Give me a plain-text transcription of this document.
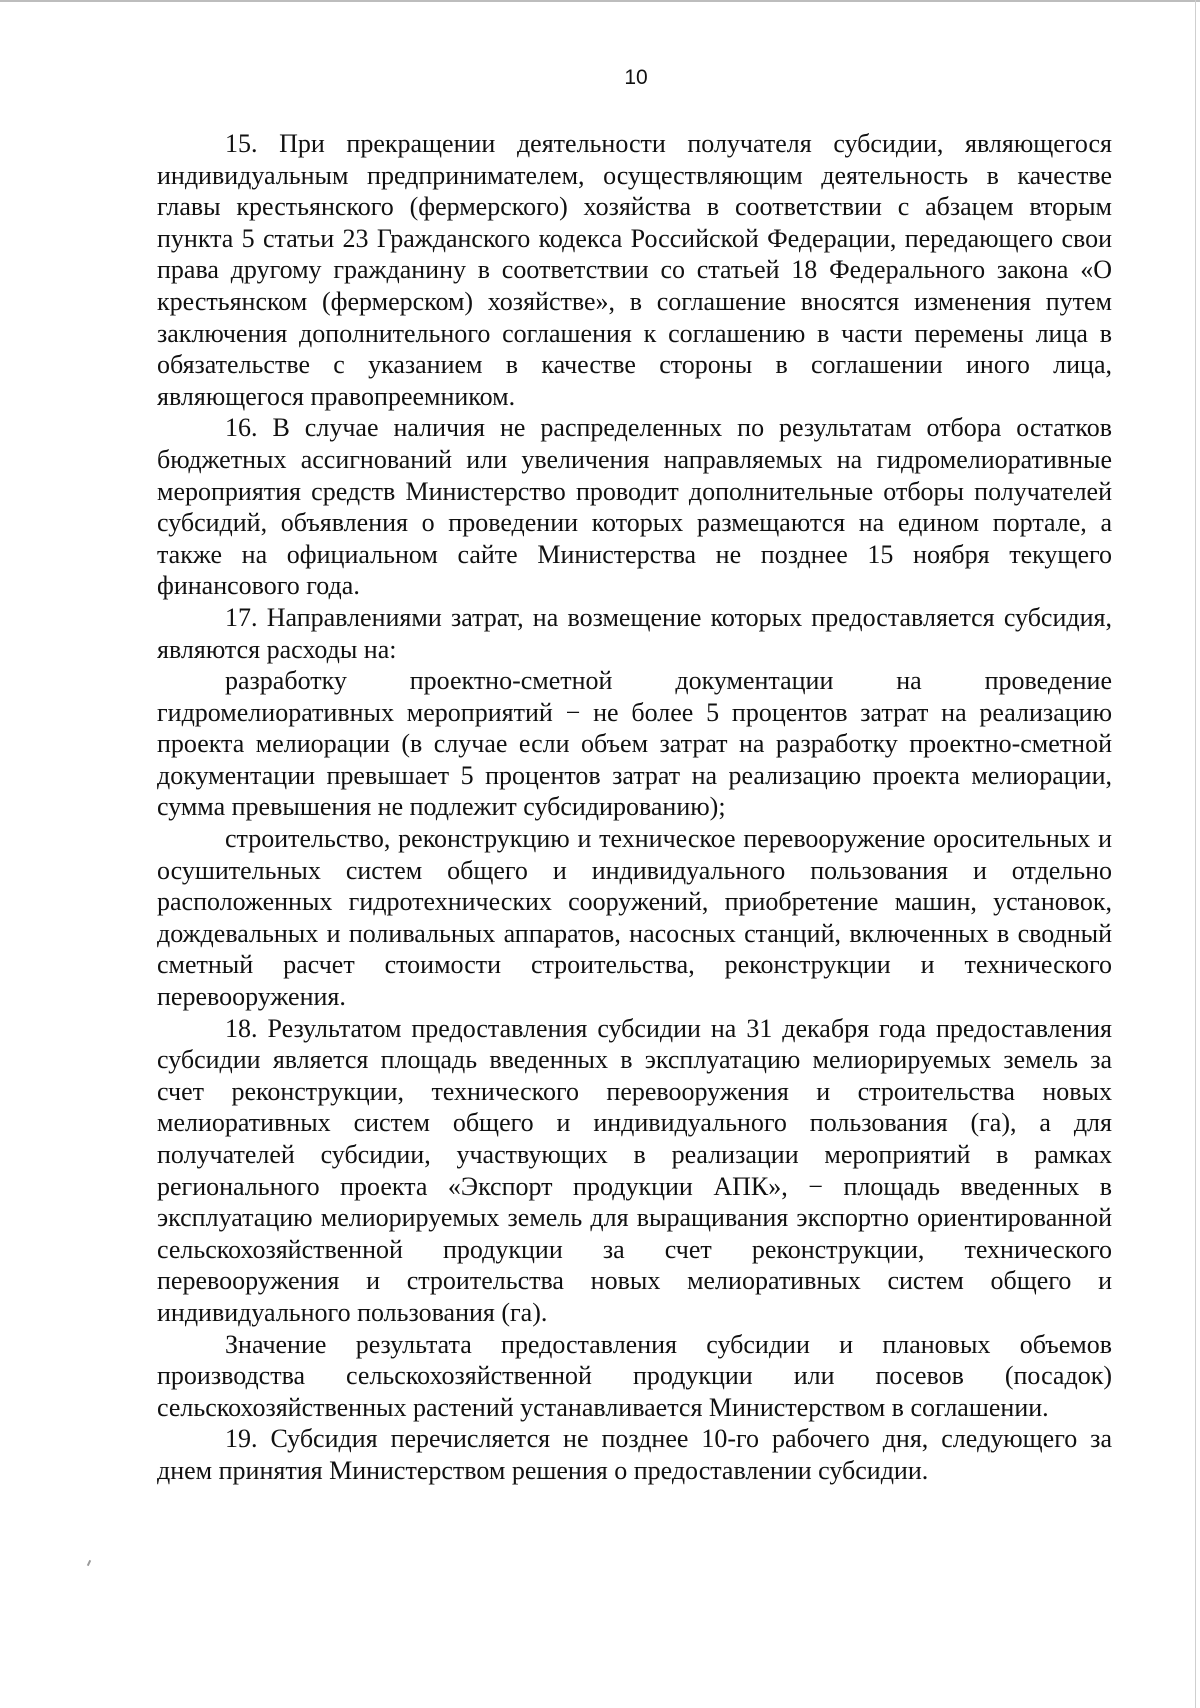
10

15. При прекращении деятельности получателя субсидии, являющегося индивидуальным предпринимателем, осуществляющим деятельность в качестве главы крестьянского (фермерского) хозяйства в соответствии с абзацем вторым пункта 5 статьи 23 Гражданского кодекса Российской Федерации, передающего свои права другому гражданину в соответствии со статьей 18 Федерального закона «О крестьянском (фермерском) хозяйстве», в соглашение вносятся изменения путем заключения дополнительного соглашения к соглашению в части перемены лица в обязательстве с указанием в качестве стороны в соглашении иного лица, являющегося правопреемником.

16. В случае наличия не распределенных по результатам отбора остатков бюджетных ассигнований или увеличения направляемых на гидромелиоративные мероприятия средств Министерство проводит дополнительные отборы получателей субсидий, объявления о проведении которых размещаются на едином портале, а также на официальном сайте Министерства не позднее 15 ноября текущего финансового года.

17. Направлениями затрат, на возмещение которых предоставляется субсидия, являются расходы на:

разработку проектно-сметной документации на проведение гидромелиоративных мероприятий − не более 5 процентов затрат на реализацию проекта мелиорации (в случае если объем затрат на разработку проектно-сметной документации превышает 5 процентов затрат на реализацию проекта мелиорации, сумма превышения не подлежит субсидированию);

строительство, реконструкцию и техническое перевооружение оросительных и осушительных систем общего и индивидуального пользования и отдельно расположенных гидротехнических сооружений, приобретение машин, установок, дождевальных и поливальных аппаратов, насосных станций, включенных в сводный сметный расчет стоимости строительства, реконструкции и технического перевооружения.

18. Результатом предоставления субсидии на 31 декабря года предоставления субсидии является площадь введенных в эксплуатацию мелиорируемых земель за счет реконструкции, технического перевооружения и строительства новых мелиоративных систем общего и индивидуального пользования (га), а для получателей субсидии, участвующих в реализации мероприятий в рамках регионального проекта «Экспорт продукции АПК», − площадь введенных в эксплуатацию мелиорируемых земель для выращивания экспортно ориентированной сельскохозяйственной продукции за счет реконструкции, технического перевооружения и строительства новых мелиоративных систем общего и индивидуального пользования (га).

Значение результата предоставления субсидии и плановых объемов производства сельскохозяйственной продукции или посевов (посадок) сельскохозяйственных растений устанавливается Министерством в соглашении.

19. Субсидия перечисляется не позднее 10-го рабочего дня, следующего за днем принятия Министерством решения о предоставлении субсидии.
